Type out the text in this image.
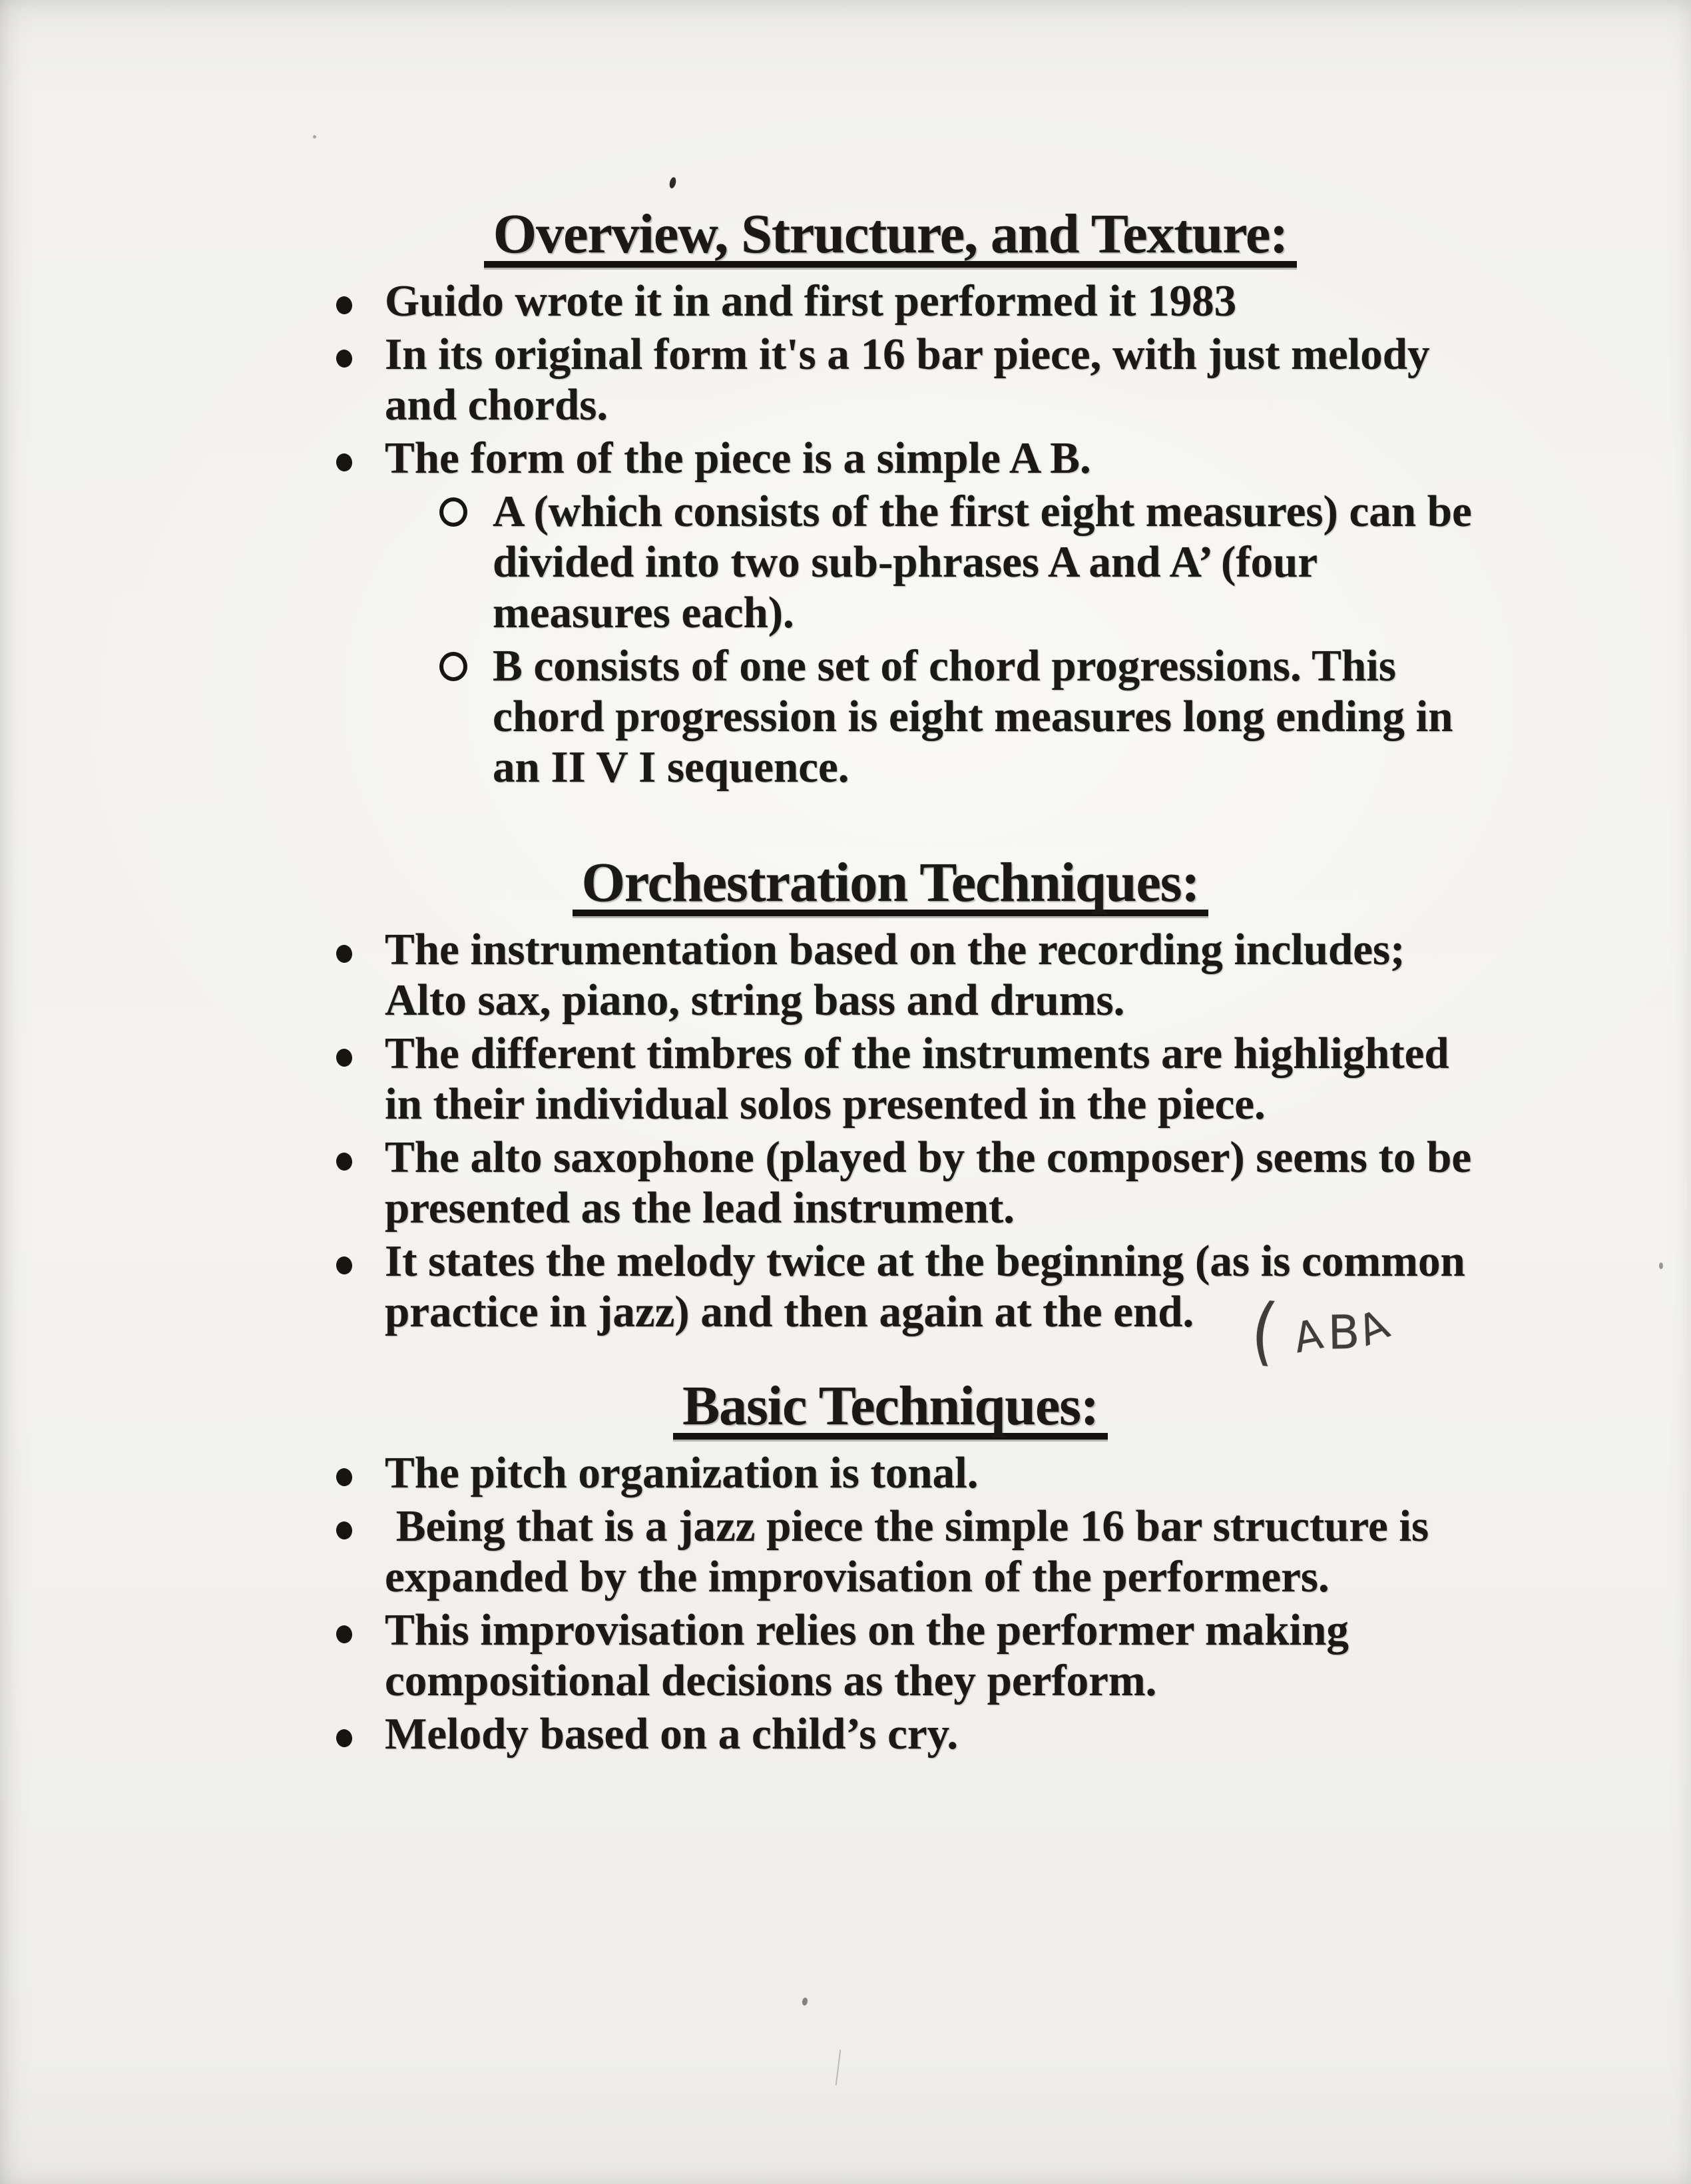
Overview, Structure, and Texture:
Guido wrote it in and first performed it 1983
In its original form it's a 16 bar piece, with just melody
and chords.
The form of the piece is a simple A B.
A (which consists of the first eight measures) can be
divided into two sub-phrases A and A’ (four
measures each).
B consists of one set of chord progressions. This
chord progression is eight measures long ending in
an II V I sequence.
Orchestration Techniques:
The instrumentation based on the recording includes;
Alto sax, piano, string bass and drums.
The different timbres of the instruments are highlighted
in their individual solos presented in the piece.
The alto saxophone (played by the composer) seems to be
presented as the lead instrument.
It states the melody twice at the beginning (as is common
practice in jazz) and then again at the end.
Basic Techniques:
The pitch organization is tonal.
Being that is a jazz piece the simple 16 bar structure is
expanded by the improvisation of the performers.
This improvisation relies on the performer making
compositional decisions as they perform.
Melody based on a child’s cry.
( ABA
